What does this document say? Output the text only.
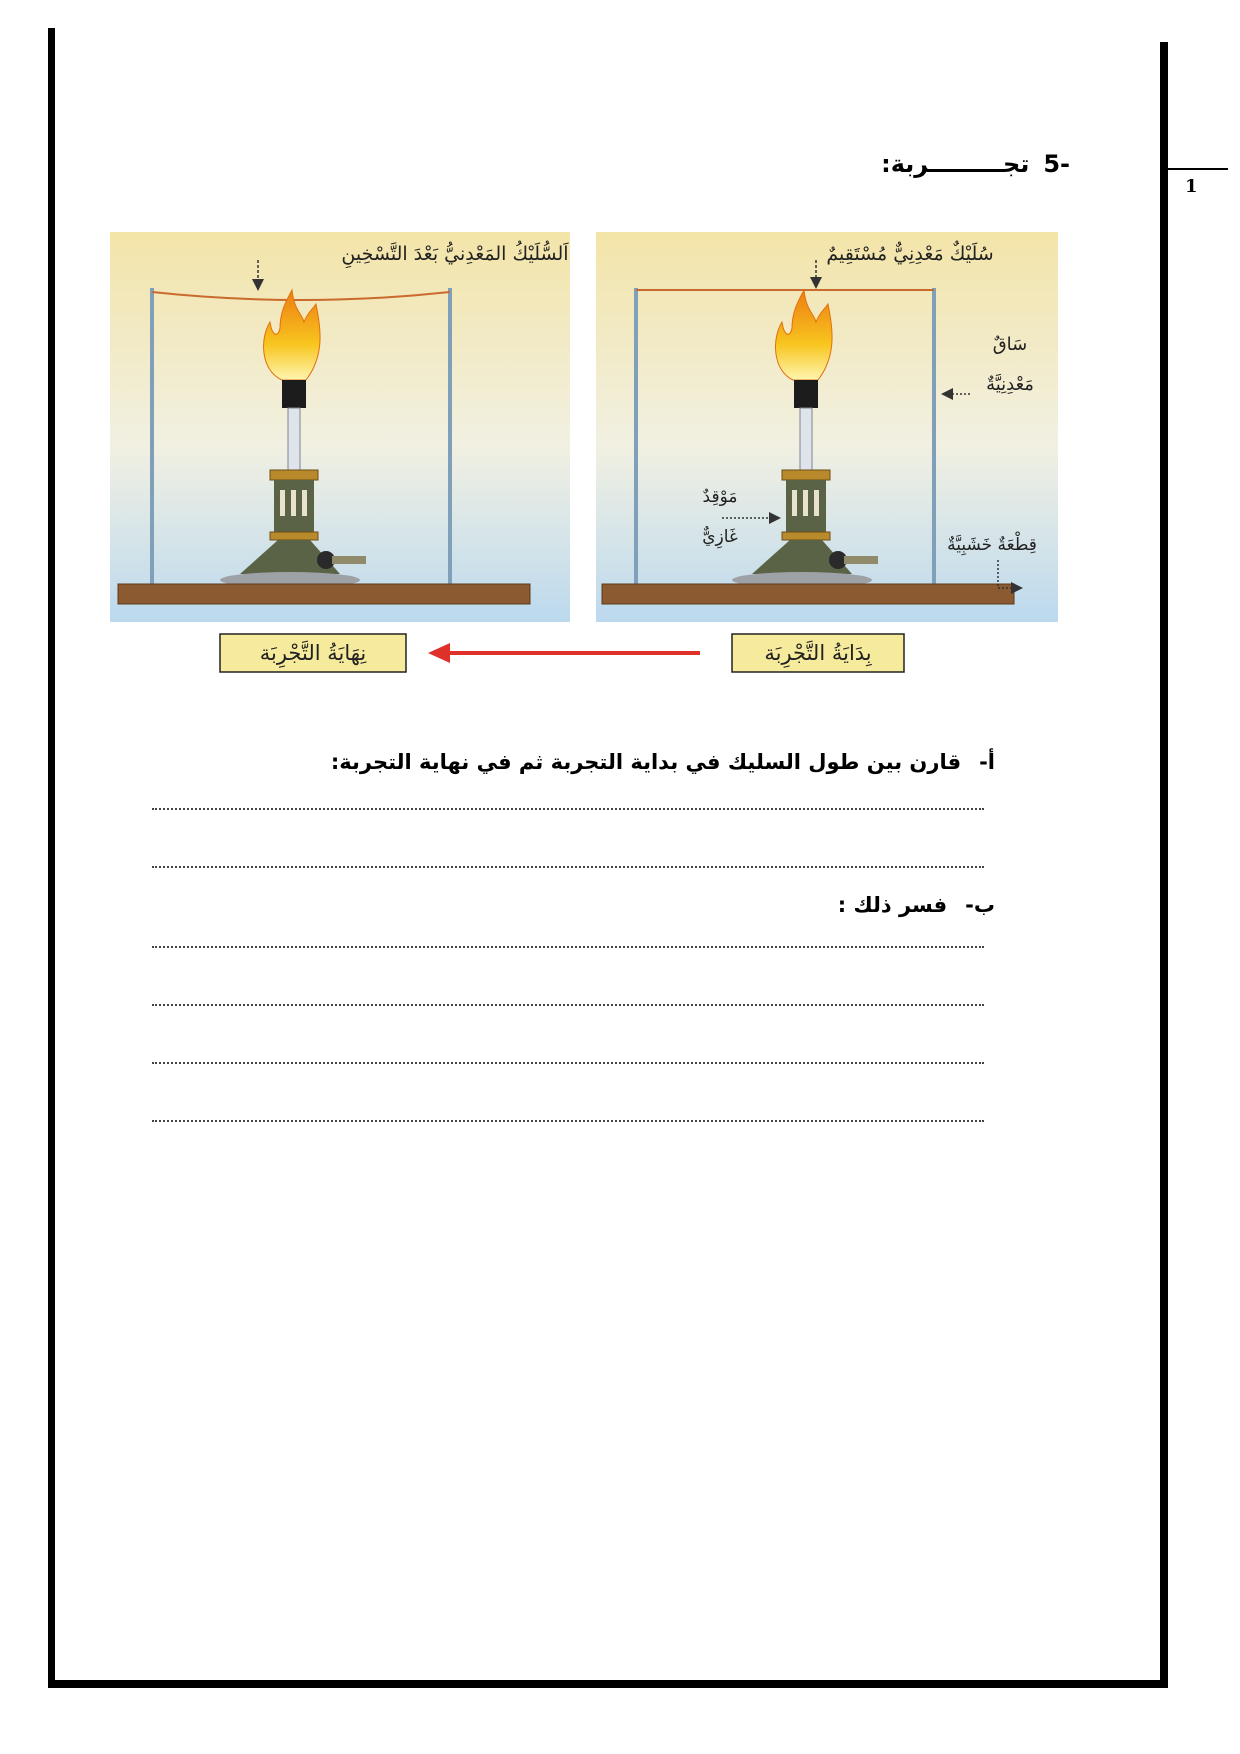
1
-5تجـــــــــربة:
اَلسُّلَيْكُ المَعْدِنيُّ بَعْدَ التَّسْخِينِ
نِهَايَةُ التَّجْرِبَة
سُلَيْكٌ مَعْدِنِيٌّ مُسْتَقِيمٌ
سَاقٌ
مَعْدِنِيَّةٌ
مَوْقِدٌ
غَازِيٌّ	قِطْعَةٌ خَشَبِيَّةٌ
بِدَايَةُ التَّجْرِبَة
أ-قارن بين طول السليك في بداية التجربة ثم في نهاية التجربة:
ب-فسر ذلك :
